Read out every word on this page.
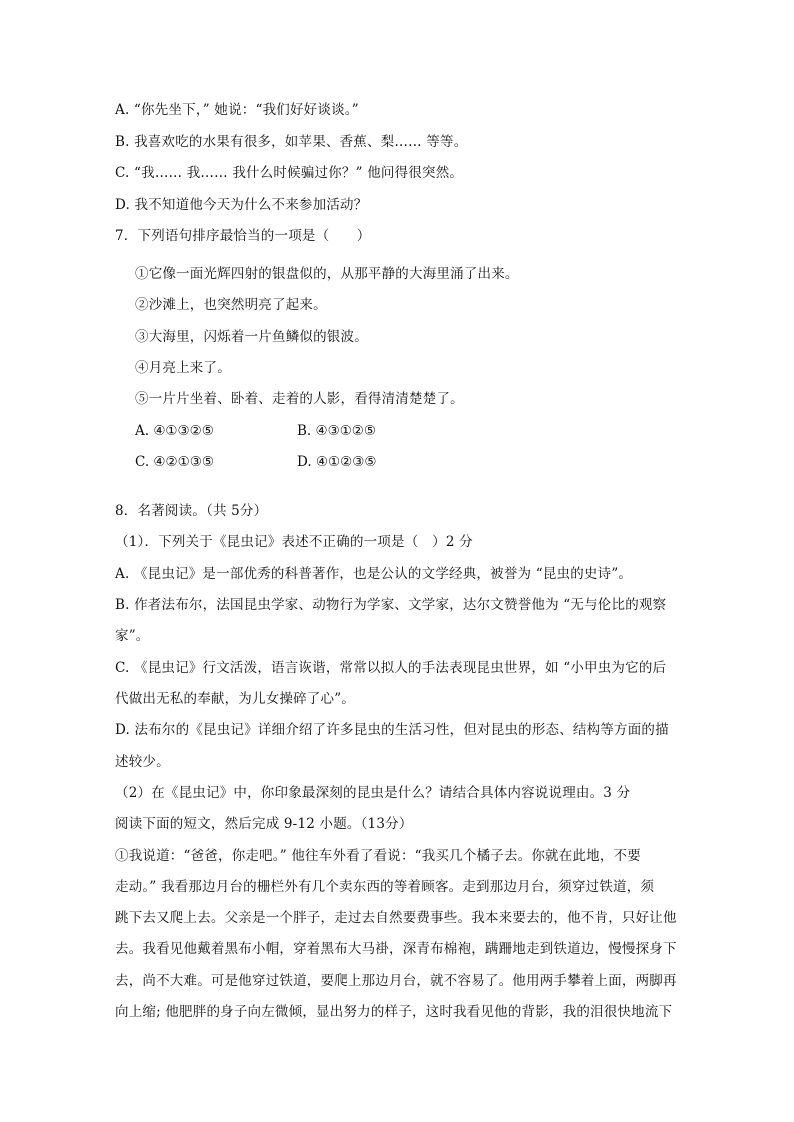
A. “你先坐下，” 她说：“我们好好谈谈。”
B. 我喜欢吃的水果有很多，如苹果、香蕉、梨…… 等等。
C. “我…… 我…… 我什么时候骗过你？” 他问得很突然。
D. 我不知道他今天为什么不来参加活动？
7．下列语句排序最恰当的一项是（　　）
①它像一面光辉四射的银盘似的，从那平静的大海里涌了出来。
②沙滩上，也突然明亮了起来。
③大海里，闪烁着一片鱼鳞似的银波。
④月亮上来了。
⑤一片片坐着、卧着、走着的人影，看得清清楚楚了。
A. ④①③②⑤	B. ④③①②⑤
C. ④②①③⑤	D. ④①②③⑤
8．名著阅读。（共 5分）
（1）．下列关于《昆虫记》表述不正确的一项是（　）2 分
A. 《昆虫记》是一部优秀的科普著作，也是公认的文学经典，被誉为 “昆虫的史诗”。
B. 作者法布尔，法国昆虫学家、动物行为学家、文学家，达尔文赞誉他为 “无与伦比的观察
家”。
C. 《昆虫记》行文活泼，语言诙谐，常常以拟人的手法表现昆虫世界，如 “小甲虫为它的后
代做出无私的奉献，为儿女操碎了心”。
D. 法布尔的《昆虫记》详细介绍了许多昆虫的生活习性，但对昆虫的形态、结构等方面的描
述较少。
（2）在《昆虫记》中，你印象最深刻的昆虫是什么？请结合具体内容说说理由。3 分
阅读下面的短文，然后完成 9-12 小题。（13分）
①我说道：“爸爸，你走吧。” 他往车外看了看说：“我买几个橘子去。你就在此地，不要
走动。” 我看那边月台的栅栏外有几个卖东西的等着顾客。走到那边月台，须穿过铁道，须
跳下去又爬上去。父亲是一个胖子，走过去自然要费事些。我本来要去的，他不肯，只好让他
去。我看见他戴着黑布小帽，穿着黑布大马褂，深青布棉袍，蹒跚地走到铁道边，慢慢探身下
去，尚不大难。可是他穿过铁道，要爬上那边月台，就不容易了。他用两手攀着上面，两脚再
向上缩; 他肥胖的身子向左微倾，显出努力的样子，这时我看见他的背影，我的泪很快地流下
